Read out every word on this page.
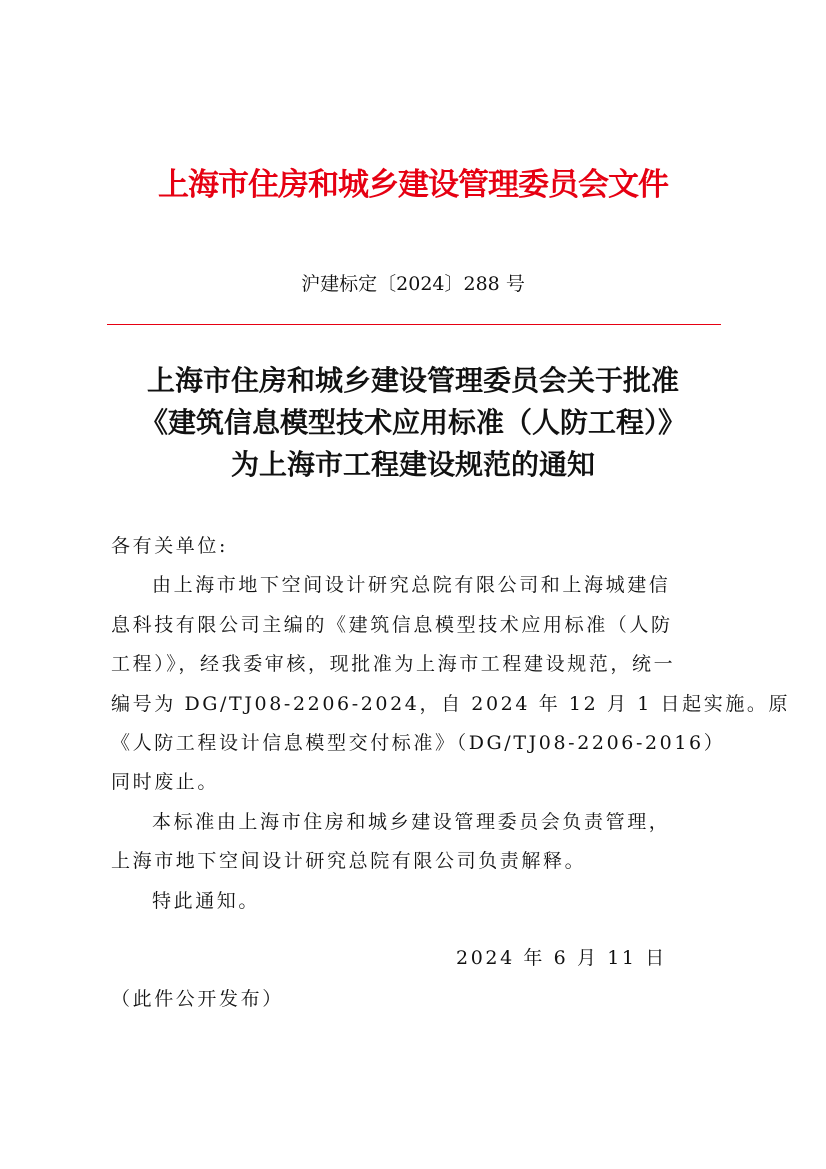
上海市住房和城乡建设管理委员会文件
沪建标定〔2024〕288 号
上海市住房和城乡建设管理委员会关于批准
《建筑信息模型技术应用标准（人防工程）》
为上海市工程建设规范的通知
各有关单位:
由上海市地下空间设计研究总院有限公司和上海城建信
息科技有限公司主编的《建筑信息模型技术应用标准（人防
工程）》，经我委审核，现批准为上海市工程建设规范，统一
编号为 DG/TJ08-2206-2024，自 2024 年 12 月 1 日起实施。原
《人防工程设计信息模型交付标准》（DG/TJ08-2206-2016）
同时废止。
本标准由上海市住房和城乡建设管理委员会负责管理，
上海市地下空间设计研究总院有限公司负责解释。
特此通知。
2024 年 6 月 11 日
（此件公开发布）
